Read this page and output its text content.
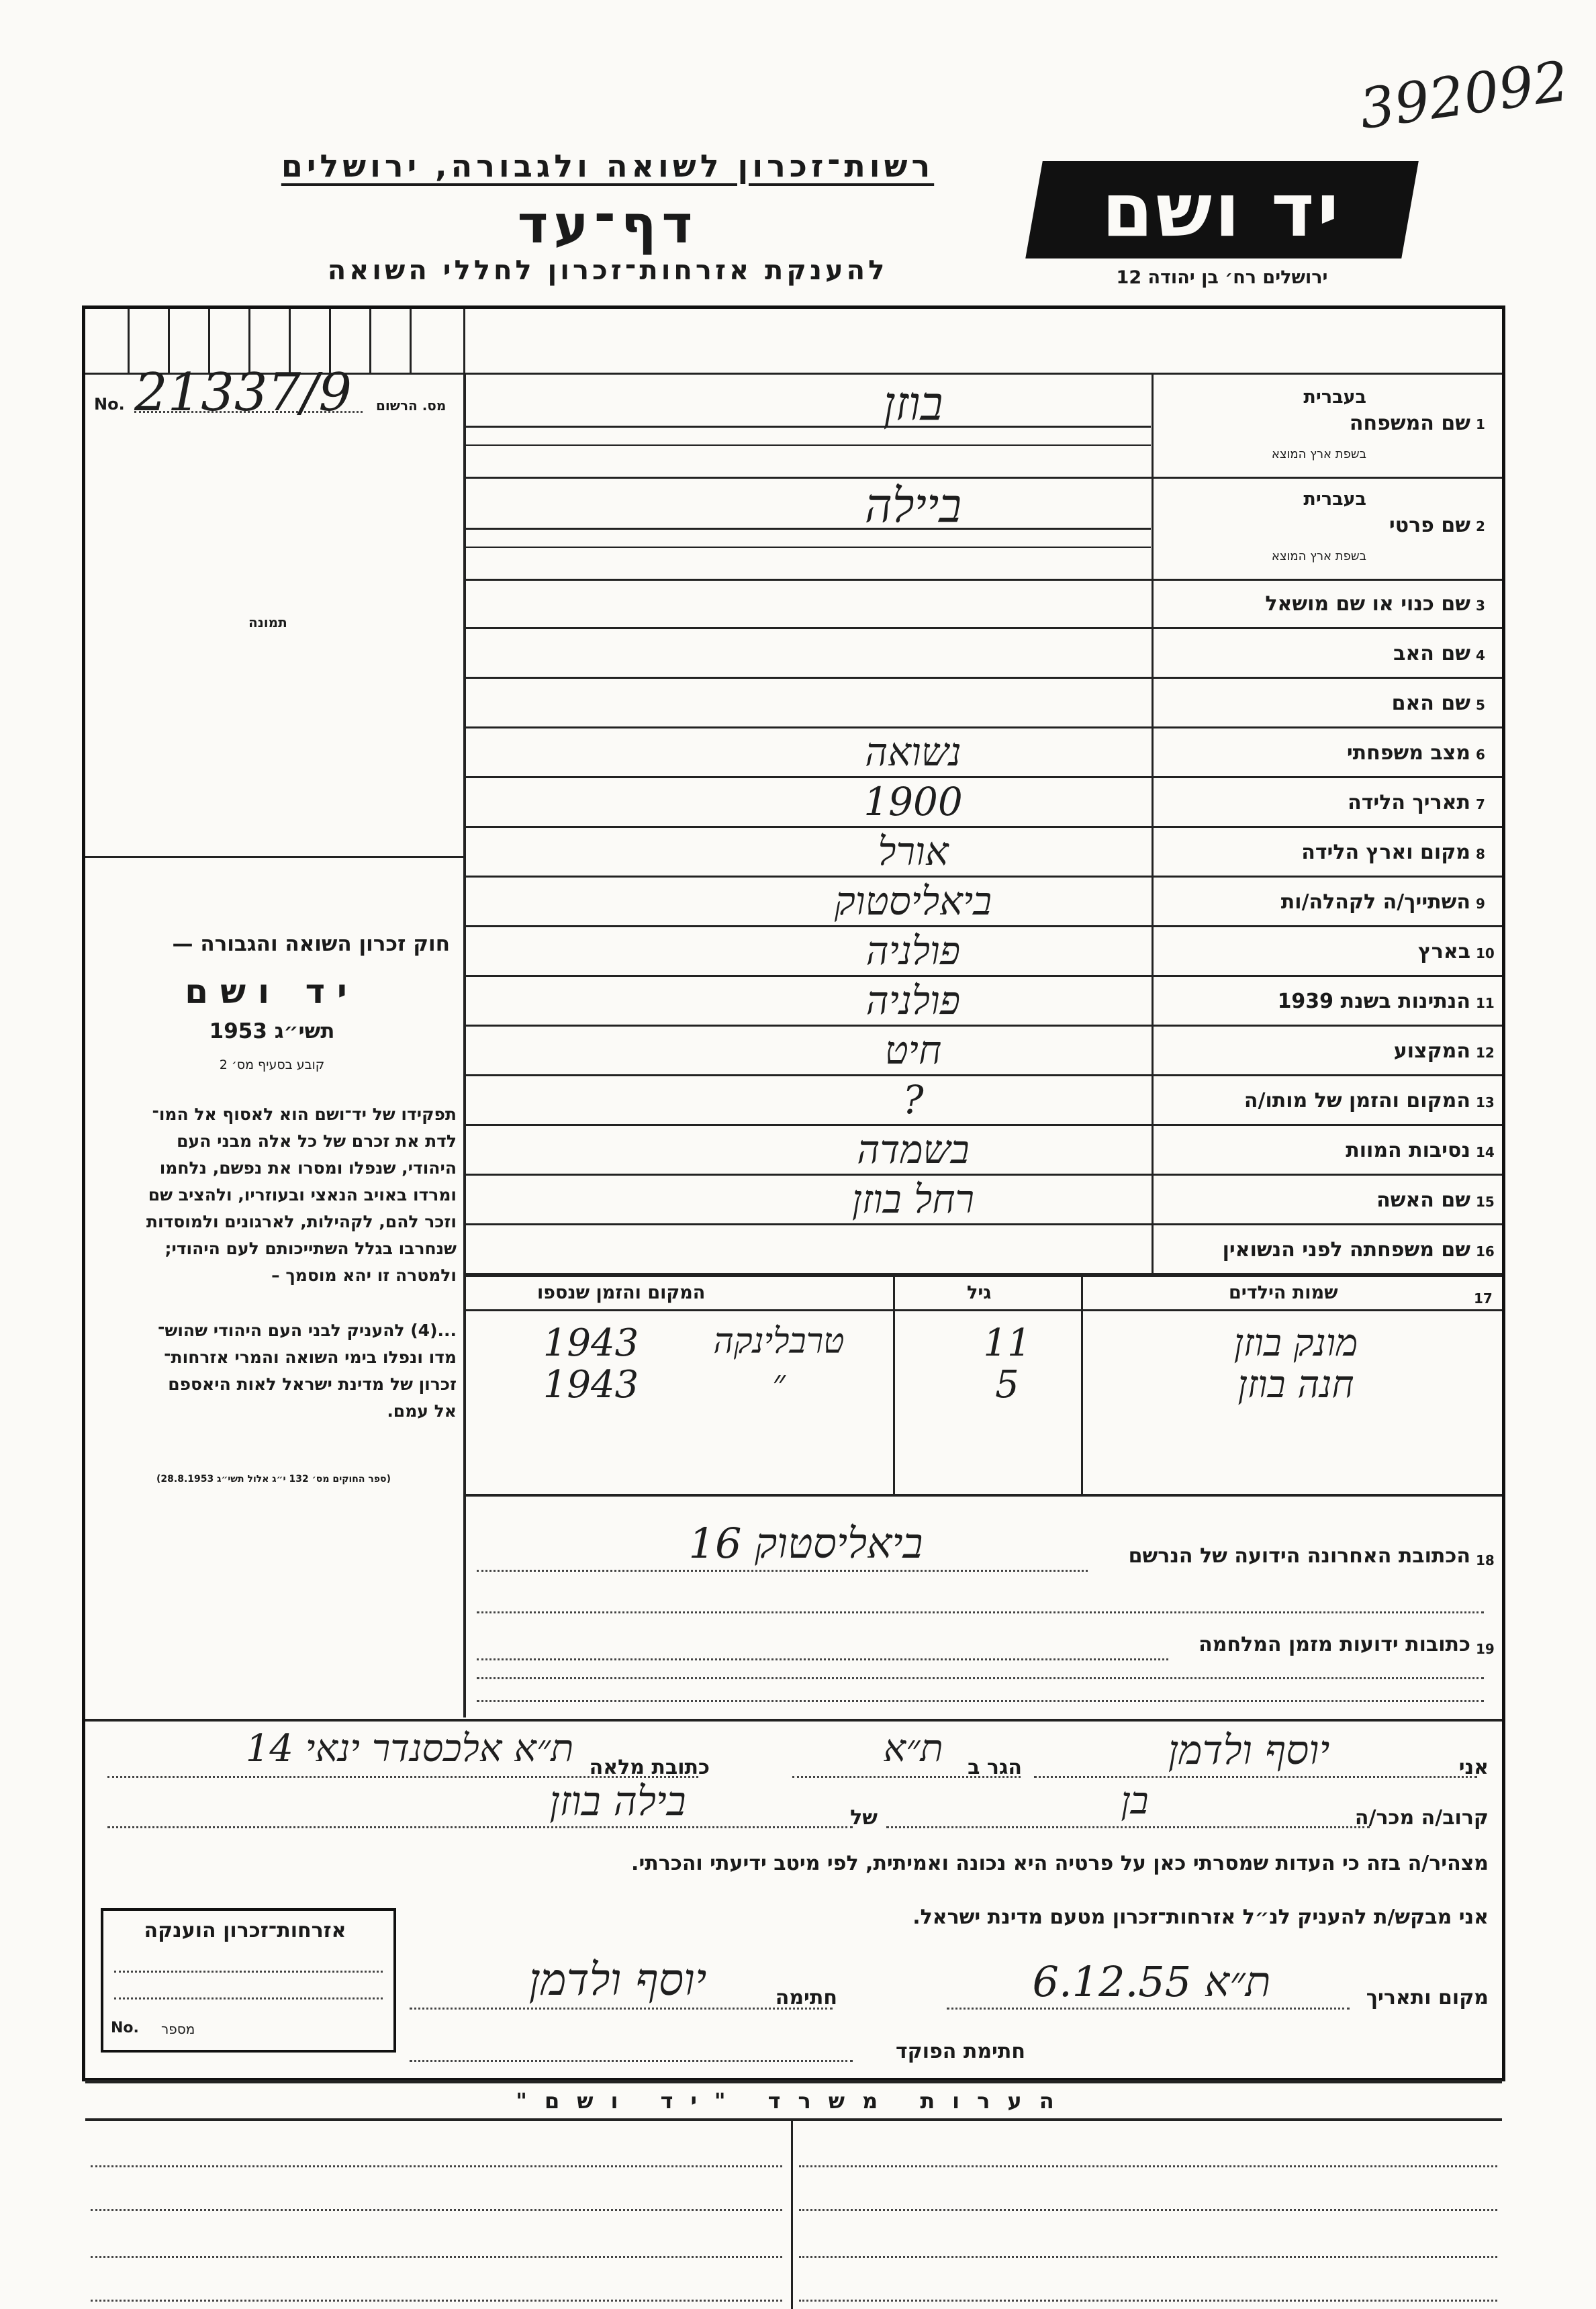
392092
רשות־זכרון לשואה ולגבורה, ירושלים
דף־עד
להענקת אזרחות־זכרון לחללי השואה
יד ושם
ירושלים רח׳ בן יהודה 12
No. 21337/9 מס. הרשום
תמונה
חוק זכרון השואה והגבורה —
יד ושם
תשי״ג 1953
קובע בסעיף מס׳ 2
תפקידו של יד־ושם הוא לאסוף אל המו־
לדת את זכרם של כל אלה מבני העם
היהודי, שנפלו ומסרו את נפשם, נלחמו
ומרדו באויב הנאצי ובעוזריו, ולהציב שם
וזכר להם, לקהילות, לארגונים ולמוסדות
שנחרבו בגלל השתייכותם לעם היהודי;
ולמטרה זו יהא מוסמך –
...(4) להעניק לבני העם היהודי שהוש־
מדו ונפלו בימי השואה והמרי אזרחות־
זכרון של מדינת ישראל לאות היאספם
אל עמם.
(ספר החוקים מס׳ 132 י״ג אלול תשי״ג 28.8.1953)
1
שם המשפחה
בעברית
בשפת ארץ המוצא
בוזן
2
שם פרטי
בעברית
בשפת ארץ המוצא
ביילה
3
שם כנוי או שם מושאל
4
שם האב
5
שם האם
6
מצב משפחתי
נשואה
7
תאריך הלידה
1900
8
מקום וארץ הלידה
אורל
9
השתייך/ה לקהלה/ות
ביאליסטוק
10
בארץ
פולניה
11
הנתינות בשנת 1939
פולניה
12
המקצוע
חיט
13
המקום והזמן של מותו/ה
?
14
נסיבות המוות
בשמדה
15
שם האשה
רחל בוזן
16
שם משפחתה לפני הנשואין
שמות הילדים	17
גיל
המקום והזמן שנספו
מונק בוזן
11
טרבלינקה
1943
חנה בוזן
5
״
1943
18
הכתובת האחרונה הידועה של הנרשם
ביאליסטוק 16
19
כתובות ידועות מזמן המלחמה
אני
יוסף ולדמן
הגר ב
ת״א
כתובת מלאה
ת״א אלכסנדר ינאי 14
קרוב/ה מכר/ה
בן
של
בילה בוזן
מצהיר/ה בזה כי העדות שמסרתי כאן על פרטיה היא נכונה ואמיתית, לפי מיטב ידיעתי והכרתי.
אני מבקש/ת להעניק לנ״ל אזרחות־זכרון מטעם מדינת ישראל.
מקום ותאריך
ת״א 6.12.55
חתימה
יוסף ולדמן
חתימת הפוקד
אזרחות־זכרון הוענקה
No. מספר
הערות משרד "יד ושם"
